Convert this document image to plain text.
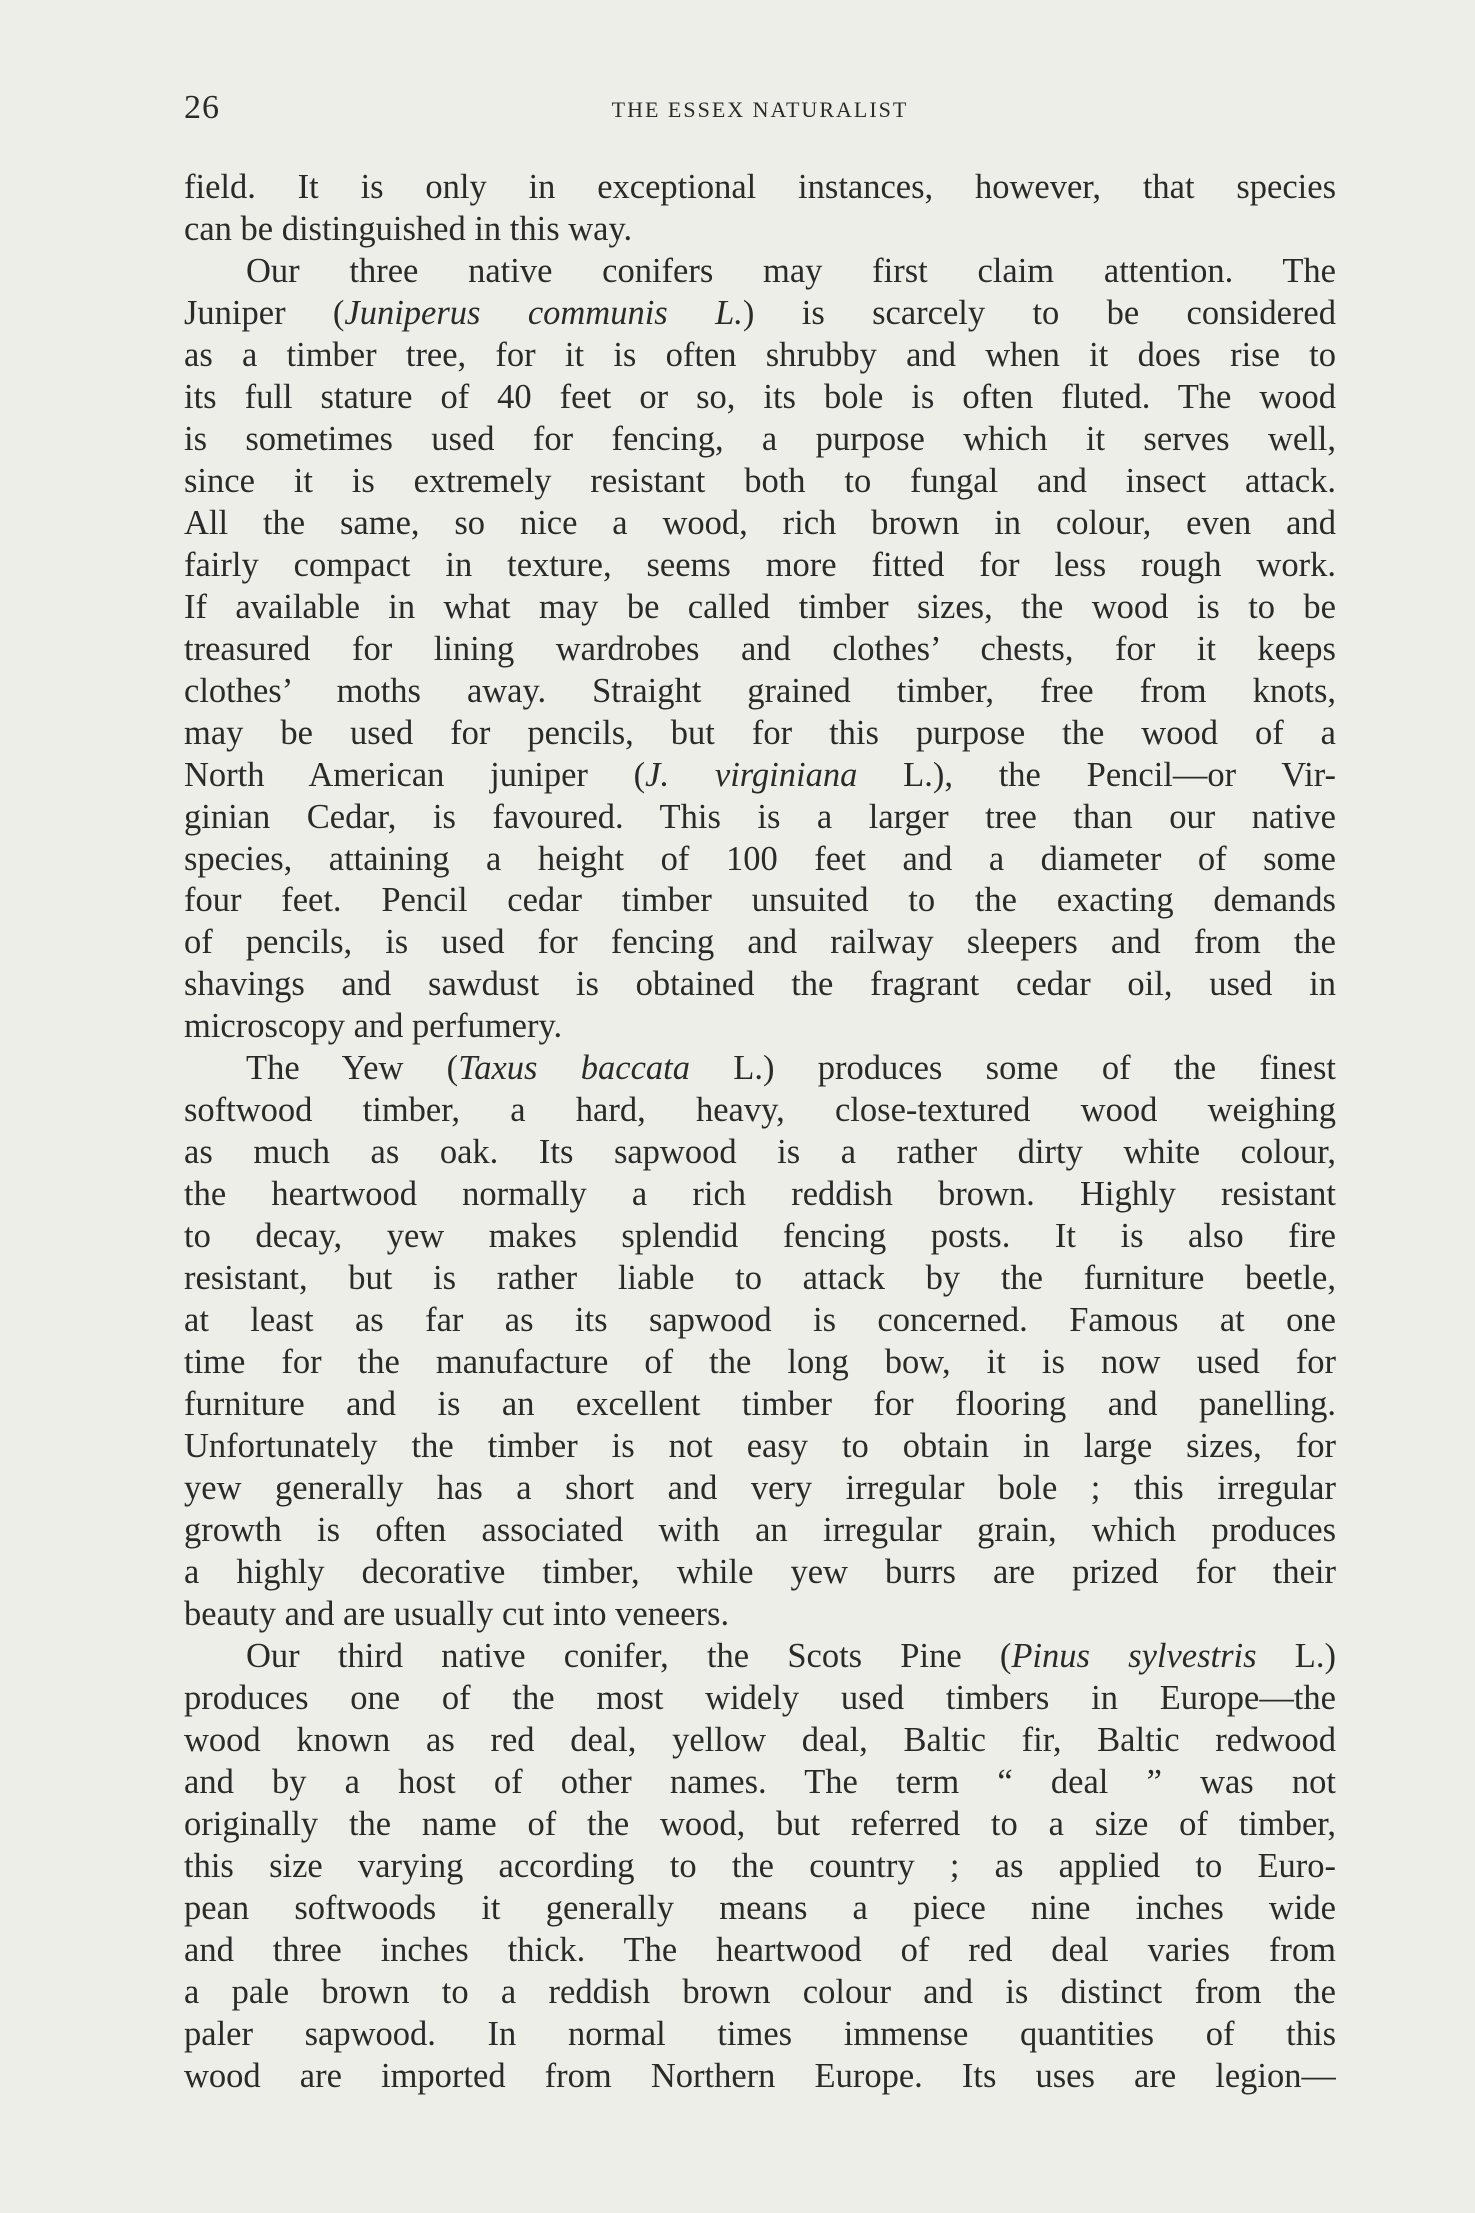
26	THE ESSEX NATURALIST
field. It is only in exceptional instances, however, that species
can be distinguished in this way.
Our three native conifers may first claim attention. The
Juniper (Juniperus communis L.) is scarcely to be considered
as a timber tree, for it is often shrubby and when it does rise to
its full stature of 40 feet or so, its bole is often fluted. The wood
is sometimes used for fencing, a purpose which it serves well,
since it is extremely resistant both to fungal and insect attack.
All the same, so nice a wood, rich brown in colour, even and
fairly compact in texture, seems more fitted for less rough work.
If available in what may be called timber sizes, the wood is to be
treasured for lining wardrobes and clothes’ chests, for it keeps
clothes’ moths away. Straight grained timber, free from knots,
may be used for pencils, but for this purpose the wood of a
North American juniper (J. virginiana L.), the Pencil—or Vir-
ginian Cedar, is favoured. This is a larger tree than our native
species, attaining a height of 100 feet and a diameter of some
four feet. Pencil cedar timber unsuited to the exacting demands
of pencils, is used for fencing and railway sleepers and from the
shavings and sawdust is obtained the fragrant cedar oil, used in
microscopy and perfumery.
The Yew (Taxus baccata L.) produces some of the finest
softwood timber, a hard, heavy, close-textured wood weighing
as much as oak. Its sapwood is a rather dirty white colour,
the heartwood normally a rich reddish brown. Highly resistant
to decay, yew makes splendid fencing posts. It is also fire
resistant, but is rather liable to attack by the furniture beetle,
at least as far as its sapwood is concerned. Famous at one
time for the manufacture of the long bow, it is now used for
furniture and is an excellent timber for flooring and panelling.
Unfortunately the timber is not easy to obtain in large sizes, for
yew generally has a short and very irregular bole ; this irregular
growth is often associated with an irregular grain, which produces
a highly decorative timber, while yew burrs are prized for their
beauty and are usually cut into veneers.
Our third native conifer, the Scots Pine (Pinus sylvestris L.)
produces one of the most widely used timbers in Europe—the
wood known as red deal, yellow deal, Baltic fir, Baltic redwood
and by a host of other names. The term “ deal ” was not
originally the name of the wood, but referred to a size of timber,
this size varying according to the country ; as applied to Euro-
pean softwoods it generally means a piece nine inches wide
and three inches thick. The heartwood of red deal varies from
a pale brown to a reddish brown colour and is distinct from the
paler sapwood. In normal times immense quantities of this
wood are imported from Northern Europe. Its uses are legion—
